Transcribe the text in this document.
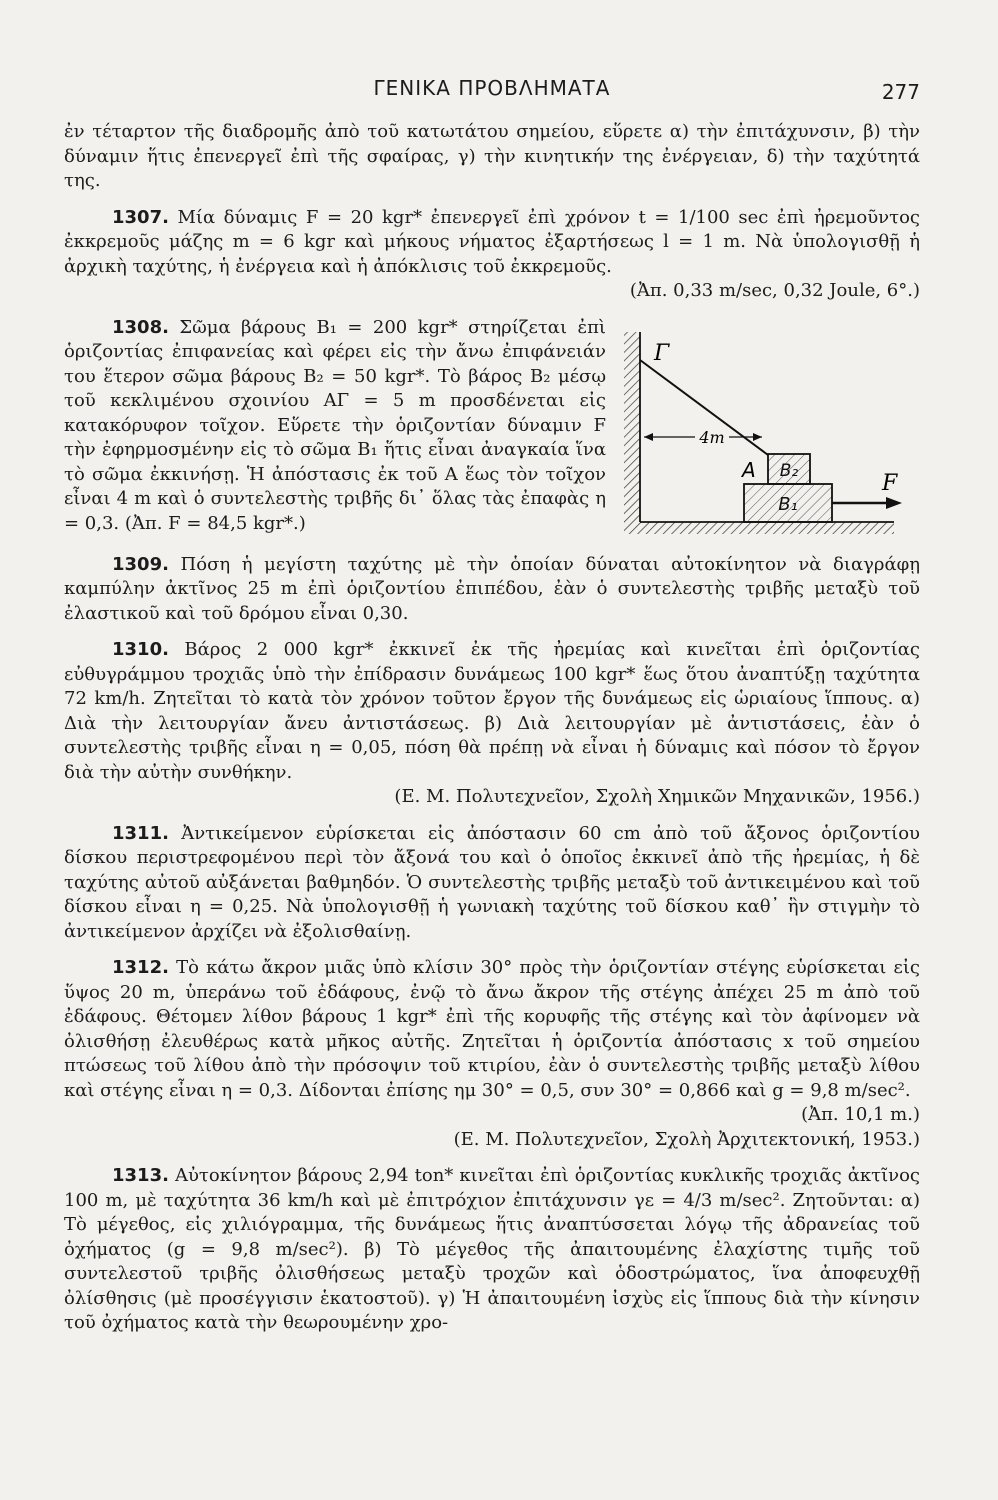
ΓΕΝΙΚΑ ΠΡΟΒΛΗΜΑΤΑ	277

ἐν τέταρτον τῆς διαδρομῆς ἀπὸ τοῦ κατωτάτου σημείου, εὕρετε α) τὴν ἐπιτάχυνσιν, β) τὴν δύναμιν ἥτις ἐπενεργεῖ ἐπὶ τῆς σφαίρας, γ) τὴν κινητικήν της ἐνέργειαν, δ) τὴν ταχύτητά της.

1307. Μία δύναμις F = 20 kgr* ἐπενεργεῖ ἐπὶ χρόνον t = 1/100 sec ἐπὶ ἠρεμοῦντος ἐκκρεμοῦς μάζης m = 6 kgr καὶ μήκους νήματος ἐξαρτήσεως l = 1 m. Νὰ ὑπολογισθῇ ἡ ἀρχικὴ ταχύτης, ἡ ἐνέργεια καὶ ἡ ἀπόκλισις τοῦ ἐκκρεμοῦς.

(Ἀπ. 0,33 m/sec, 0,32 Joule, 6°.)

4m
Γ
A B₂
B₁
F

1308. Σῶμα βάρους B₁ = 200 kgr* στηρίζεται ἐπὶ ὁριζοντίας ἐπιφανείας καὶ φέρει εἰς τὴν ἄνω ἐπιφάνειάν του ἕτερον σῶμα βάρους B₂ = 50 kgr*. Τὸ βάρος B₂ μέσῳ τοῦ κεκλιμένου σχοινίου ΑΓ = 5 m προσδένεται εἰς κατακόρυφον τοῖχον. Εὕρετε τὴν ὁριζοντίαν δύναμιν F τὴν ἐφηρμοσμένην εἰς τὸ σῶμα B₁ ἥτις εἶναι ἀναγκαία ἵνα τὸ σῶμα ἐκκινήσῃ. Ἡ ἀπόστασις ἐκ τοῦ A ἕως τὸν τοῖχον εἶναι 4 m καὶ ὁ συντελεστὴς τριβῆς δι᾿ ὅλας τὰς ἐπαφὰς η = 0,3. (Ἀπ. F = 84,5 kgr*.)

1309. Πόση ἡ μεγίστη ταχύτης μὲ τὴν ὁποίαν δύναται αὐτοκίνητον νὰ διαγράφῃ καμπύλην ἀκτῖνος 25 m ἐπὶ ὁριζοντίου ἐπιπέδου, ἐὰν ὁ συντελεστὴς τριβῆς μεταξὺ τοῦ ἐλαστικοῦ καὶ τοῦ δρόμου εἶναι 0,30.

1310. Βάρος 2 000 kgr* ἐκκινεῖ ἐκ τῆς ἠρεμίας καὶ κινεῖται ἐπὶ ὁριζοντίας εὐθυγράμμου τροχιᾶς ὑπὸ τὴν ἐπίδρασιν δυνάμεως 100 kgr* ἕως ὅτου ἀναπτύξῃ ταχύτητα 72 km/h. Ζητεῖται τὸ κατὰ τὸν χρόνον τοῦτον ἔργον τῆς δυνάμεως εἰς ὡριαίους ἵππους. α) Διὰ τὴν λειτουργίαν ἄνευ ἀντιστάσεως. β) Διὰ λειτουργίαν μὲ ἀντιστάσεις, ἐὰν ὁ συντελεστὴς τριβῆς εἶναι η = 0,05, πόση θὰ πρέπῃ νὰ εἶναι ἡ δύναμις καὶ πόσον τὸ ἔργον διὰ τὴν αὐτὴν συνθήκην.

(Ε. Μ. Πολυτεχνεῖον, Σχολὴ Χημικῶν Μηχανικῶν, 1956.)

1311. Ἀντικείμενον εὑρίσκεται εἰς ἀπόστασιν 60 cm ἀπὸ τοῦ ἄξονος ὁριζοντίου δίσκου περιστρεφομένου περὶ τὸν ἄξονά του καὶ ὁ ὁποῖος ἐκκινεῖ ἀπὸ τῆς ἠρεμίας, ἡ δὲ ταχύτης αὐτοῦ αὐξάνεται βαθμηδόν. Ὁ συντελεστὴς τριβῆς μεταξὺ τοῦ ἀντικειμένου καὶ τοῦ δίσκου εἶναι η = 0,25. Νὰ ὑπολογισθῇ ἡ γωνιακὴ ταχύτης τοῦ δίσκου καθ᾿ ἣν στιγμὴν τὸ ἀντικείμενον ἀρχίζει νὰ ἐξολισθαίνῃ.

1312. Τὸ κάτω ἄκρον μιᾶς ὑπὸ κλίσιν 30° πρὸς τὴν ὁριζοντίαν στέγης εὑρίσκεται εἰς ὕψος 20 m, ὑπεράνω τοῦ ἐδάφους, ἐνῷ τὸ ἄνω ἄκρον τῆς στέγης ἀπέχει 25 m ἀπὸ τοῦ ἐδάφους. Θέτομεν λίθον βάρους 1 kgr* ἐπὶ τῆς κορυφῆς τῆς στέγης καὶ τὸν ἀφίνομεν νὰ ὀλισθήσῃ ἐλευθέρως κατὰ μῆκος αὐτῆς. Ζητεῖται ἡ ὁριζοντία ἀπόστασις x τοῦ σημείου πτώσεως τοῦ λίθου ἀπὸ τὴν πρόσοψιν τοῦ κτιρίου, ἐὰν ὁ συντελεστὴς τριβῆς μεταξὺ λίθου καὶ στέγης εἶναι η = 0,3. Δίδονται ἐπίσης ημ 30° = 0,5, συν 30° = 0,866 καὶ g = 9,8 m/sec².

(Ἀπ. 10,1 m.)

(Ε. Μ. Πολυτεχνεῖον, Σχολὴ Ἀρχιτεκτονική, 1953.)

1313. Αὐτοκίνητον βάρους 2,94 ton* κινεῖται ἐπὶ ὁριζοντίας κυκλικῆς τροχιᾶς ἀκτῖνος 100 m, μὲ ταχύτητα 36 km/h καὶ μὲ ἐπιτρόχιον ἐπιτάχυνσιν γε = 4/3 m/sec². Ζητοῦνται: α) Τὸ μέγεθος, εἰς χιλιόγραμμα, τῆς δυνάμεως ἥτις ἀναπτύσσεται λόγῳ τῆς ἀδρανείας τοῦ ὀχήματος (g = 9,8 m/sec²). β) Τὸ μέγεθος τῆς ἀπαιτουμένης ἐλαχίστης τιμῆς τοῦ συντελεστοῦ τριβῆς ὀλισθήσεως μεταξὺ τροχῶν καὶ ὁδοστρώματος, ἵνα ἀποφευχθῇ ὀλίσθησις (μὲ προσέγγισιν ἑκατοστοῦ). γ) Ἡ ἀπαιτουμένη ἰσχὺς εἰς ἵππους διὰ τὴν κίνησιν τοῦ ὀχήματος κατὰ τὴν θεωρουμένην χρο-
